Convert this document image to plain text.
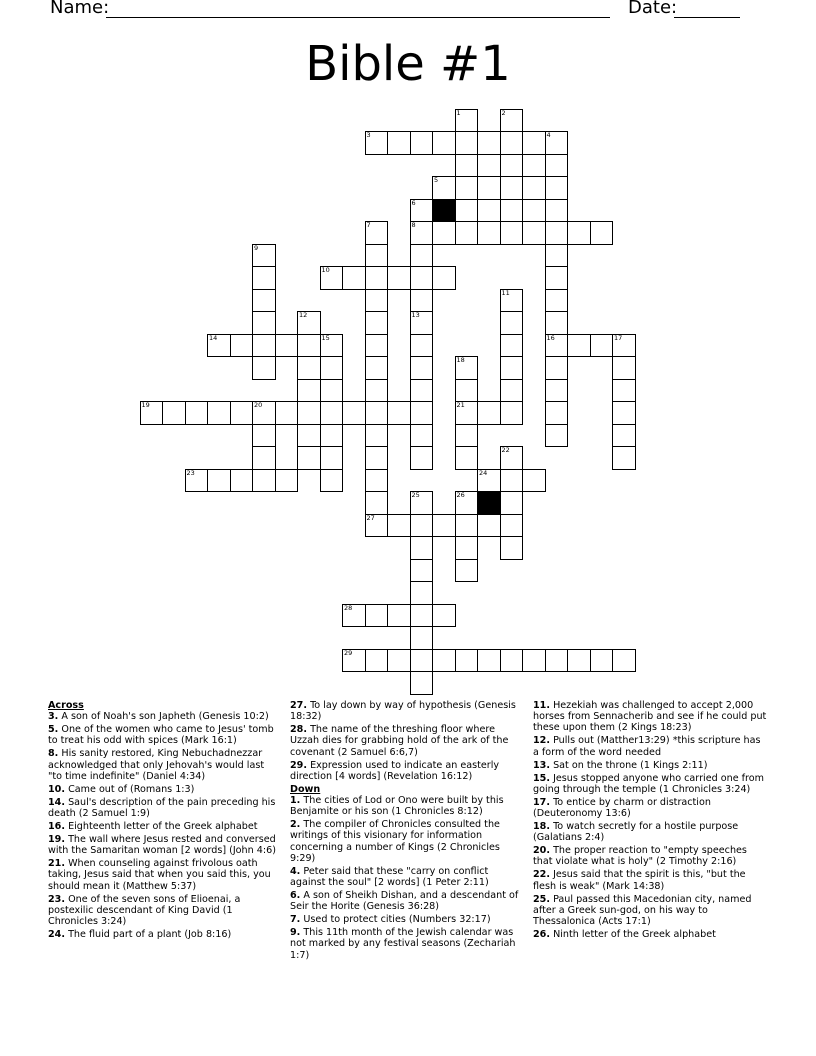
Name:	Date:
Bible #1
1	2
3	4
5
6
7	8
9
10
11
12	13
14	15	16	17
18
19	20	21
22
23	24
25	26
27
28
29
Across
3. A son of Noah's son Japheth (Genesis 10:2)
5. One of the women who came to Jesus' tomb to treat his odd with spices (Mark 16:1)
8. His sanity restored, King Nebuchadnezzar acknowledged that only Jehovah's would last "to time indefinite" (Daniel 4:34)
10. Came out of (Romans 1:3)
14. Saul's description of the pain preceding his death (2 Samuel 1:9)
16. Eighteenth letter of the Greek alphabet
19. The wall where Jesus rested and conversed with the Samaritan woman [2 words] (John 4:6)
21. When counseling against frivolous oath taking, Jesus said that when you said this, you should mean it (Matthew 5:37)
23. One of the seven sons of Elioenai, a postexilic descendant of King David (1 Chronicles 3:24)
24. The fluid part of a plant (Job 8:16)
27. To lay down by way of hypothesis (Genesis 18:32)
28. The name of the threshing floor where Uzzah dies for grabbing hold of the ark of the covenant (2 Samuel 6:6,7)
29. Expression used to indicate an easterly direction [4 words] (Revelation 16:12)
Down
1. The cities of Lod or Ono were built by this Benjamite or his son (1 Chronicles 8:12)
2. The compiler of Chronicles consulted the writings of this visionary for information concerning a number of Kings (2 Chronicles 9:29)
4. Peter said that these "carry on conflict against the soul" [2 words] (1 Peter 2:11)
6. A son of Sheikh Dishan, and a descendant of Seir the Horite (Genesis 36:28)
7. Used to protect cities (Numbers 32:17)
9. This 11th month of the Jewish calendar was not marked by any festival seasons (Zechariah 1:7)
11. Hezekiah was challenged to accept 2,000 horses from Sennacherib and see if he could put these upon them (2 Kings 18:23)
12. Pulls out (Matther13:29) *this scripture has a form of the word needed
13. Sat on the throne (1 Kings 2:11)
15. Jesus stopped anyone who carried one from going through the temple (1 Chronicles 3:24)
17. To entice by charm or distraction (Deuteronomy 13:6)
18. To watch secretly for a hostile purpose (Galatians 2:4)
20. The proper reaction to "empty speeches that violate what is holy" (2 Timothy 2:16)
22. Jesus said that the spirit is this, "but the flesh is weak" (Mark 14:38)
25. Paul passed this Macedonian city, named after a Greek sun-god, on his way to Thessalonica (Acts 17:1)
26. Ninth letter of the Greek alphabet
